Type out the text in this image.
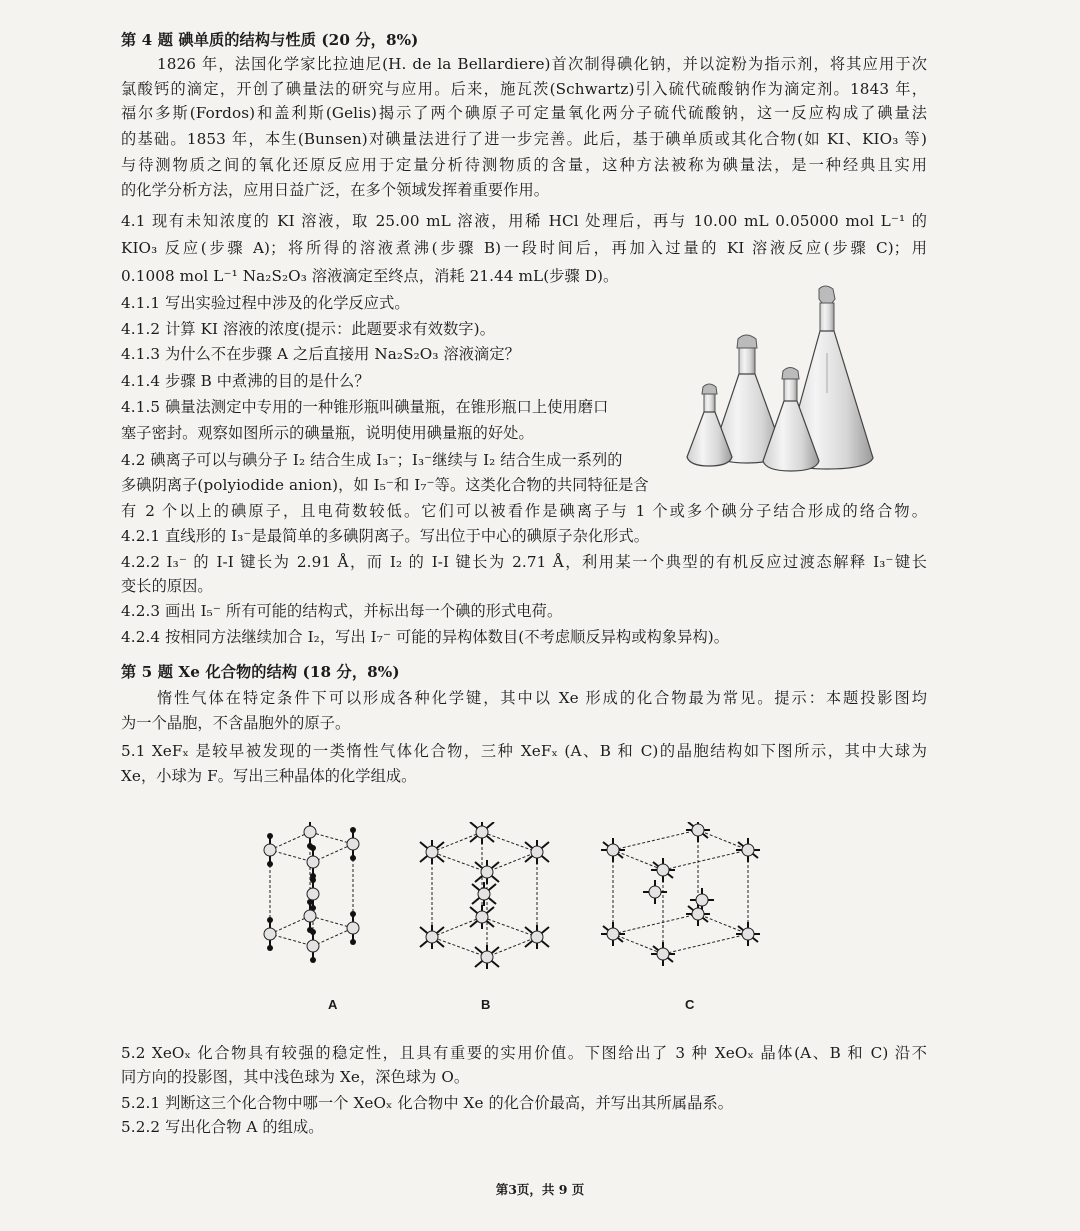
第 4 题 碘单质的结构与性质 (20 分，8%)
1826 年，法国化学家比拉迪尼(H. de la Bellardiere)首次制得碘化钠，并以淀粉为指示剂，将其应用于次
氯酸钙的滴定，开创了碘量法的研究与应用。后来，施瓦茨(Schwartz)引入硫代硫酸钠作为滴定剂。1843 年，
福尔多斯(Fordos)和盖利斯(Gelis)揭示了两个碘原子可定量氧化两分子硫代硫酸钠，这一反应构成了碘量法
的基础。1853 年，本生(Bunsen)对碘量法进行了进一步完善。此后，基于碘单质或其化合物(如 KI、KIO₃ 等)
与待测物质之间的氧化还原反应用于定量分析待测物质的含量，这种方法被称为碘量法，是一种经典且实用
的化学分析方法，应用日益广泛，在多个领域发挥着重要作用。
4.1 现有未知浓度的 KI 溶液，取 25.00 mL 溶液，用稀 HCl 处理后，再与 10.00 mL 0.05000 mol L⁻¹ 的
KIO₃ 反应(步骤 A)；将所得的溶液煮沸(步骤 B)一段时间后，再加入过量的 KI 溶液反应(步骤 C)；用
0.1008 mol L⁻¹ Na₂S₂O₃ 溶液滴定至终点，消耗 21.44 mL(步骤 D)。
4.1.1 写出实验过程中涉及的化学反应式。
4.1.2 计算 KI 溶液的浓度(提示：此题要求有效数字)。
4.1.3 为什么不在步骤 A 之后直接用 Na₂S₂O₃ 溶液滴定？
4.1.4 步骤 B 中煮沸的目的是什么？
4.1.5 碘量法测定中专用的一种锥形瓶叫碘量瓶，在锥形瓶口上使用磨口
塞子密封。观察如图所示的碘量瓶，说明使用碘量瓶的好处。
4.2 碘离子可以与碘分子 I₂ 结合生成 I₃⁻；I₃⁻继续与 I₂ 结合生成一系列的
多碘阴离子(polyiodide anion)，如 I₅⁻和 I₇⁻等。这类化合物的共同特征是含
有 2 个以上的碘原子，且电荷数较低。它们可以被看作是碘离子与 1 个或多个碘分子结合形成的络合物。
4.2.1 直线形的 I₃⁻是最简单的多碘阴离子。写出位于中心的碘原子杂化形式。
4.2.2 I₃⁻ 的 I-I 键长为 2.91 Å，而 I₂ 的 I-I 键长为 2.71 Å，利用某一个典型的有机反应过渡态解释 I₃⁻键长
变长的原因。
4.2.3 画出 I₅⁻ 所有可能的结构式，并标出每一个碘的形式电荷。
4.2.4 按相同方法继续加合 I₂，写出 I₇⁻ 可能的异构体数目(不考虑顺反异构或构象异构)。
第 5 题 Xe 化合物的结构 (18 分，8%)
惰性气体在特定条件下可以形成各种化学键，其中以 Xe 形成的化合物最为常见。提示：本题投影图均
为一个晶胞，不含晶胞外的原子。
5.1 XeFₓ 是较早被发现的一类惰性气体化合物，三种 XeFₓ (A、B 和 C)的晶胞结构如下图所示，其中大球为
Xe，小球为 F。写出三种晶体的化学组成。
A	B	C
5.2 XeOₓ 化合物具有较强的稳定性，且具有重要的实用价值。下图给出了 3 种 XeOₓ 晶体(A、B 和 C) 沿不
同方向的投影图，其中浅色球为 Xe，深色球为 O。
5.2.1 判断这三个化合物中哪一个 XeOₓ 化合物中 Xe 的化合价最高，并写出其所属晶系。
5.2.2 写出化合物 A 的组成。
第3页，共 9 页
